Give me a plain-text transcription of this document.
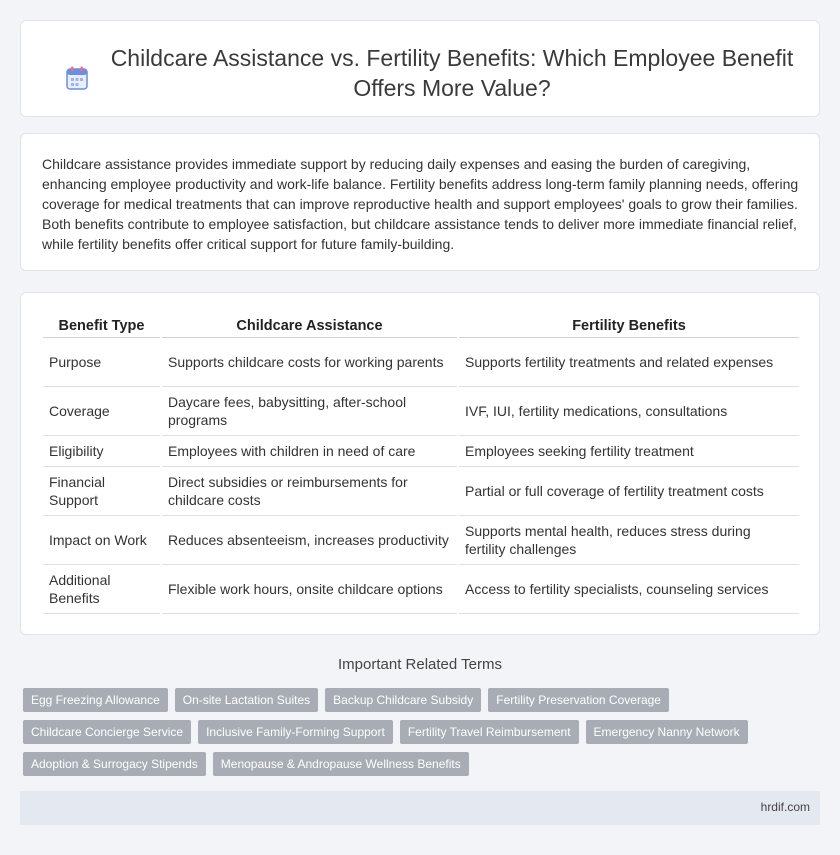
Childcare Assistance vs. Fertility Benefits: Which Employee Benefit Offers More Value?

Childcare assistance provides immediate support by reducing daily expenses and easing the burden of caregiving, enhancing employee productivity and work-life balance. Fertility benefits address long-term family planning needs, offering coverage for medical treatments that can improve reproductive health and support employees' goals to grow their families. Both benefits contribute to employee satisfaction, but childcare assistance tends to deliver more immediate financial relief, while fertility benefits offer critical support for future family-building.

Benefit Type	Childcare Assistance	Fertility Benefits
Purpose	Supports childcare costs for working parents	Supports fertility treatments and related expenses
Coverage	Daycare fees, babysitting, after-school programs	IVF, IUI, fertility medications, consultations
Eligibility	Employees with children in need of care	Employees seeking fertility treatment
Financial Support	Direct subsidies or reimbursements for childcare costs	Partial or full coverage of fertility treatment costs
Impact on Work	Reduces absenteeism, increases productivity	Supports mental health, reduces stress during fertility challenges
Additional Benefits	Flexible work hours, onsite childcare options	Access to fertility specialists, counseling services
Important Related Terms
Egg Freezing Allowance	On-site Lactation Suites	Backup Childcare Subsidy	Fertility Preservation Coverage
Childcare Concierge Service	Inclusive Family-Forming Support	Fertility Travel Reimbursement	Emergency Nanny Network
Adoption & Surrogacy Stipends	Menopause & Andropause Wellness Benefits
hrdif.com
